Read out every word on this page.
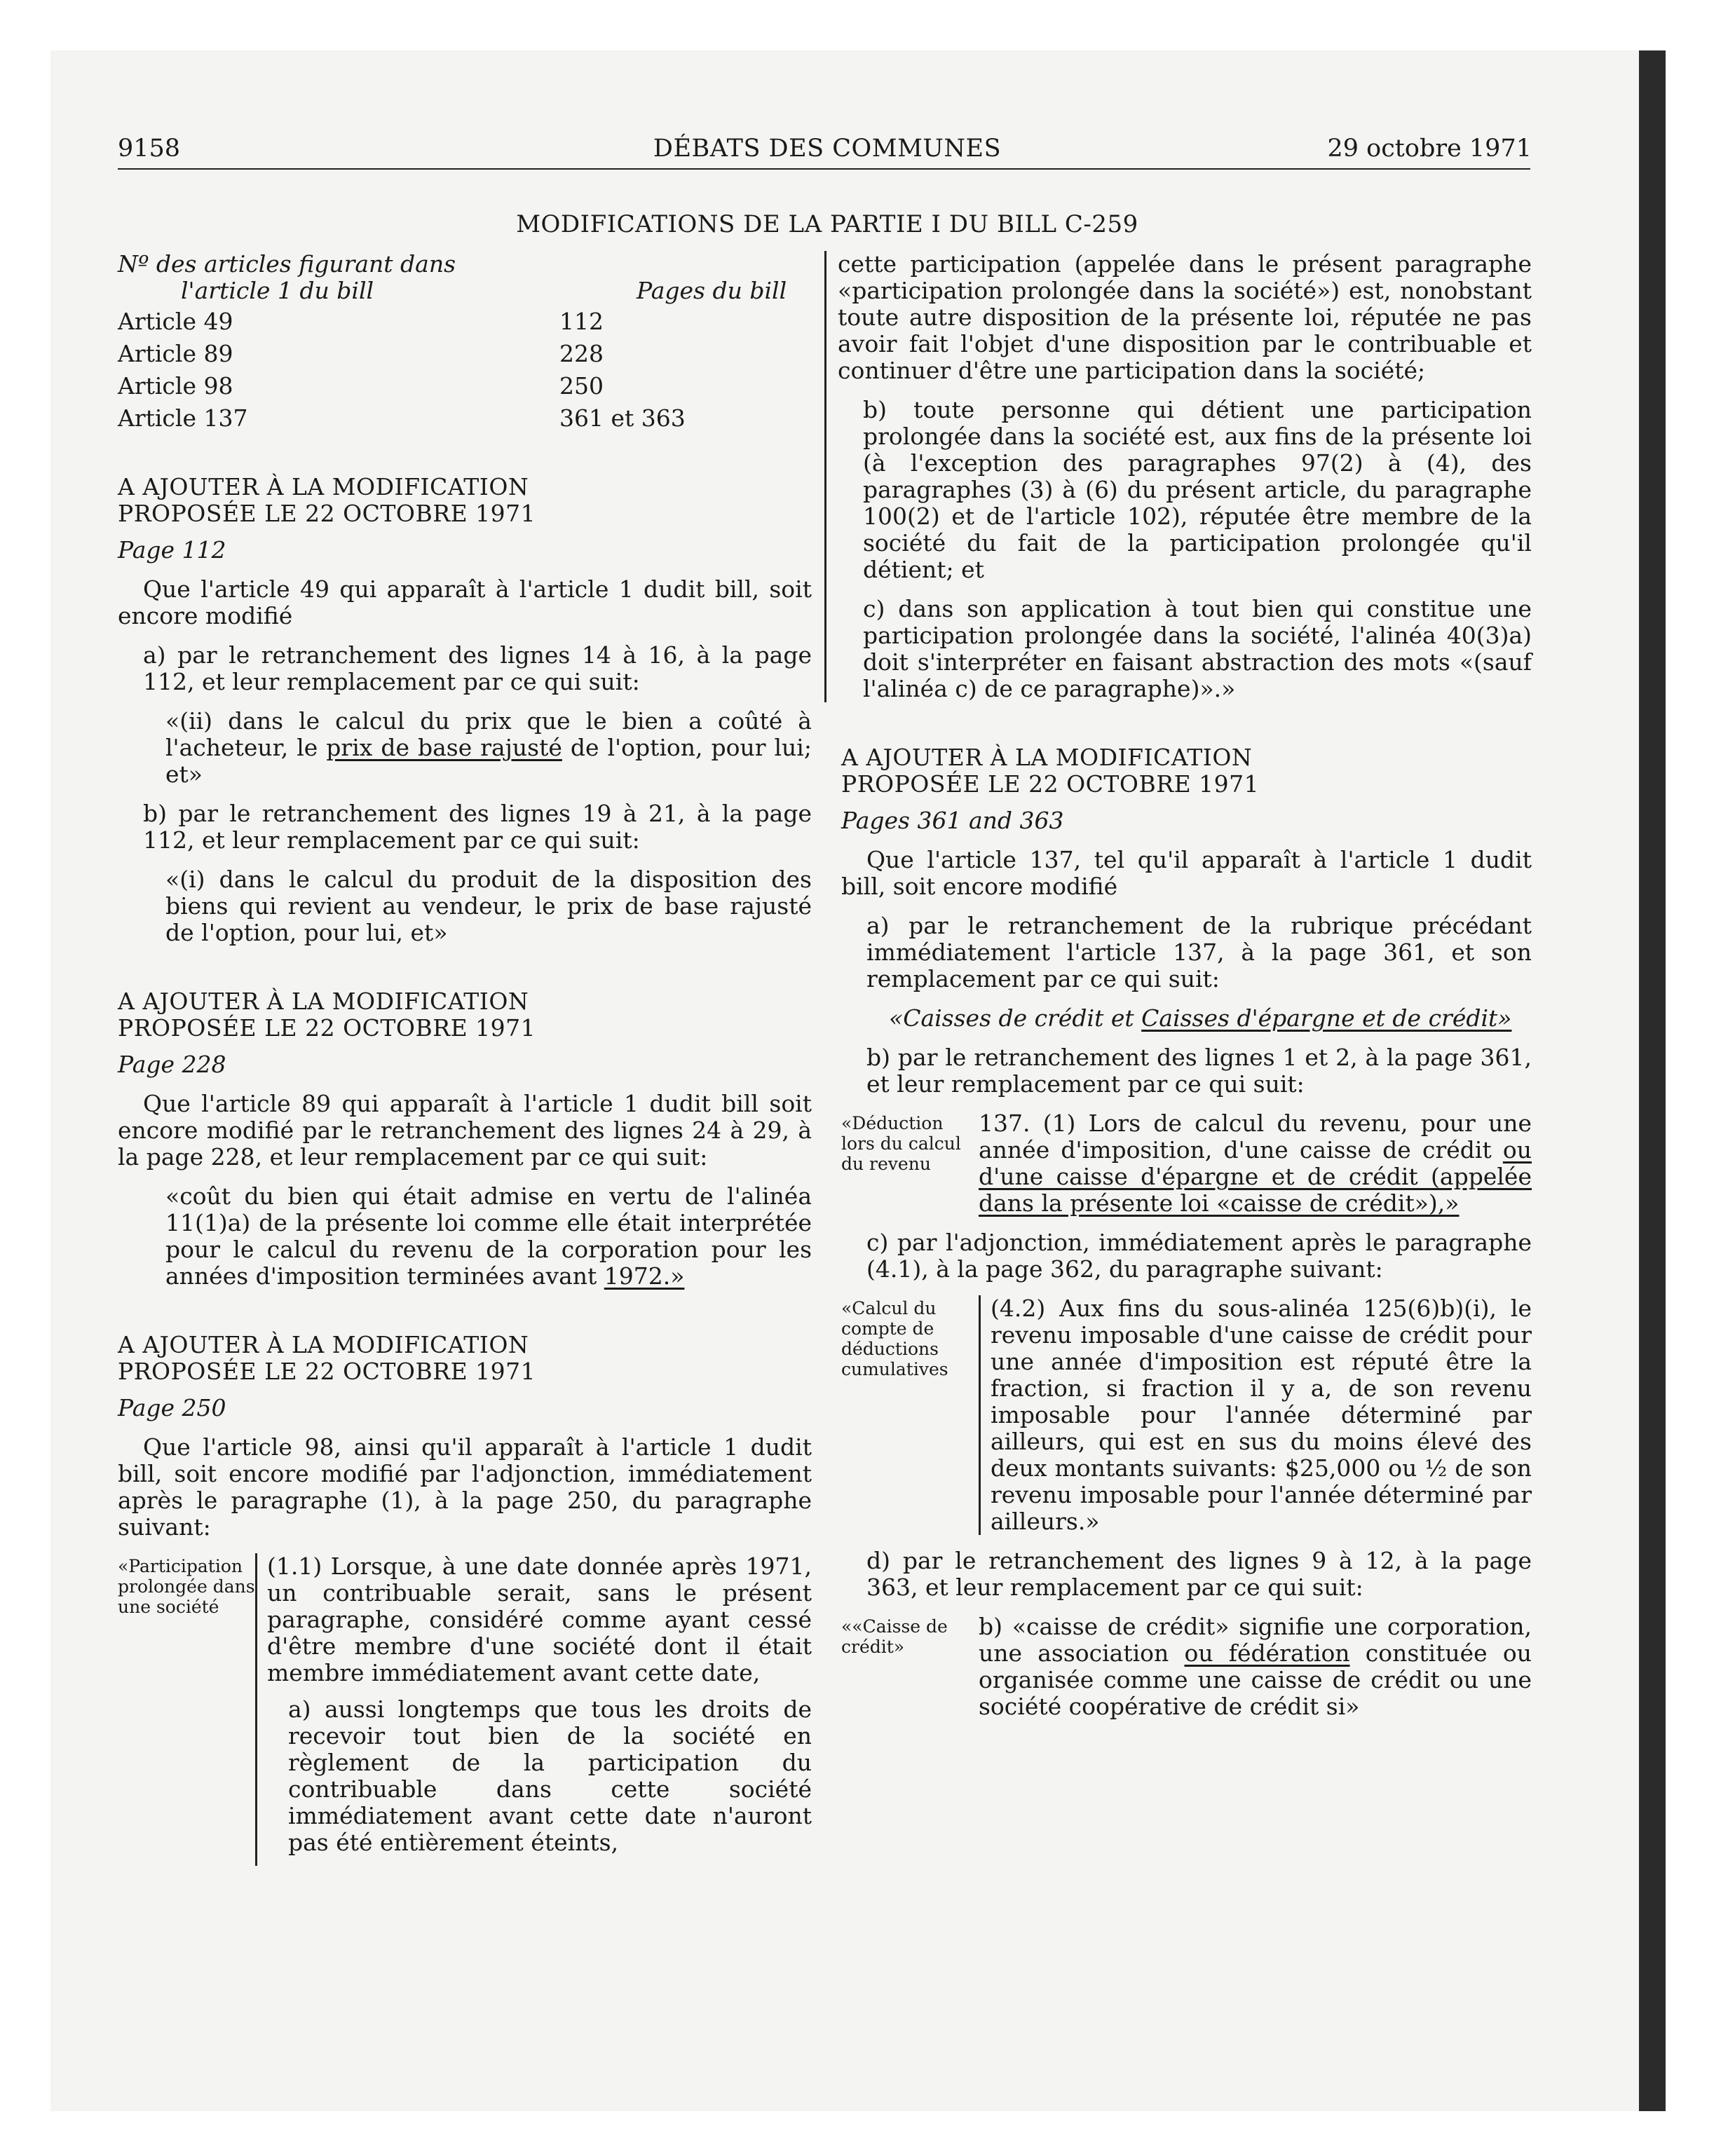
9158	DÉBATS DES COMMUNES	29 octobre 1971
MODIFICATIONS DE LA PARTIE I DU BILL C-259
Nº des articles figurant dans
l'article 1 du bill	Pages du bill
Article 49	112
Article 89	228
Article 98	250
Article 137	361 et 363
A AJOUTER À LA MODIFICATION
PROPOSÉE LE 22 OCTOBRE 1971

Page 112

Que l'article 49 qui apparaît à l'article 1 dudit bill, soit encore modifié

a) par le retranchement des lignes 14 à 16, à la page 112, et leur remplacement par ce qui suit:

«(ii) dans le calcul du prix que le bien a coûté à l'acheteur, le prix de base rajusté de l'option, pour lui; et»

b) par le retranchement des lignes 19 à 21, à la page 112, et leur remplacement par ce qui suit:

«(i) dans le calcul du produit de la disposition des biens qui revient au vendeur, le prix de base rajusté de l'option, pour lui, et»

A AJOUTER À LA MODIFICATION
PROPOSÉE LE 22 OCTOBRE 1971

Page 228

Que l'article 89 qui apparaît à l'article 1 dudit bill soit encore modifié par le retranchement des lignes 24 à 29, à la page 228, et leur remplacement par ce qui suit:

«coût du bien qui était admise en vertu de l'alinéa 11(1)a) de la présente loi comme elle était interprétée pour le calcul du revenu de la corporation pour les années d'imposition terminées avant 1972.»

A AJOUTER À LA MODIFICATION
PROPOSÉE LE 22 OCTOBRE 1971

Page 250

Que l'article 98, ainsi qu'il apparaît à l'article 1 dudit bill, soit encore modifié par l'adjonction, immédiatement après le paragraphe (1), à la page 250, du paragraphe suivant:

«Participation prolongée dans une société

(1.1) Lorsque, à une date donnée après 1971, un contribuable serait, sans le présent paragraphe, considéré comme ayant cessé d'être membre d'une société dont il était membre immédiatement avant cette date,

a) aussi longtemps que tous les droits de recevoir tout bien de la société en règlement de la participation du contribuable dans cette société immédiatement avant cette date n'auront pas été entièrement éteints,

cette participation (appelée dans le présent paragraphe «participation prolongée dans la société») est, nonobstant toute autre disposition de la présente loi, réputée ne pas avoir fait l'objet d'une disposition par le contribuable et continuer d'être une participation dans la société;

b) toute personne qui détient une participation prolongée dans la société est, aux fins de la présente loi (à l'exception des paragraphes 97(2) à (4), des paragraphes (3) à (6) du présent article, du paragraphe 100(2) et de l'article 102), réputée être membre de la société du fait de la participation prolongée qu'il détient; et

c) dans son application à tout bien qui constitue une participation prolongée dans la société, l'alinéa 40(3)a) doit s'interpréter en faisant abstraction des mots «(sauf l'alinéa c) de ce paragraphe)».»

A AJOUTER À LA MODIFICATION
PROPOSÉE LE 22 OCTOBRE 1971

Pages 361 and 363

Que l'article 137, tel qu'il apparaît à l'article 1 dudit bill, soit encore modifié

a) par le retranchement de la rubrique précédant immédiatement l'article 137, à la page 361, et son remplacement par ce qui suit:

«Caisses de crédit et Caisses d'épargne et de crédit»

b) par le retranchement des lignes 1 et 2, à la page 361, et leur remplacement par ce qui suit:

«Déduction lors du calcul du revenu
137. (1) Lors de calcul du revenu, pour une année d'imposition, d'une caisse de crédit ou d'une caisse d'épargne et de crédit (appelée dans la présente loi «caisse de crédit»),»

c) par l'adjonction, immédiatement après le paragraphe (4.1), à la page 362, du paragraphe suivant:

«Calcul du compte de déductions cumulatives
(4.2) Aux fins du sous-alinéa 125(6)b)(i), le revenu imposable d'une caisse de crédit pour une année d'imposition est réputé être la fraction, si fraction il y a, de son revenu imposable pour l'année déterminé par ailleurs, qui est en sus du moins élevé des deux montants suivants: $25,000 ou ½ de son revenu imposable pour l'année déterminé par ailleurs.»

d) par le retranchement des lignes 9 à 12, à la page 363, et leur remplacement par ce qui suit:

««Caisse de crédit»
b) «caisse de crédit» signifie une corporation, une association ou fédération constituée ou organisée comme une caisse de crédit ou une société coopérative de crédit si»
